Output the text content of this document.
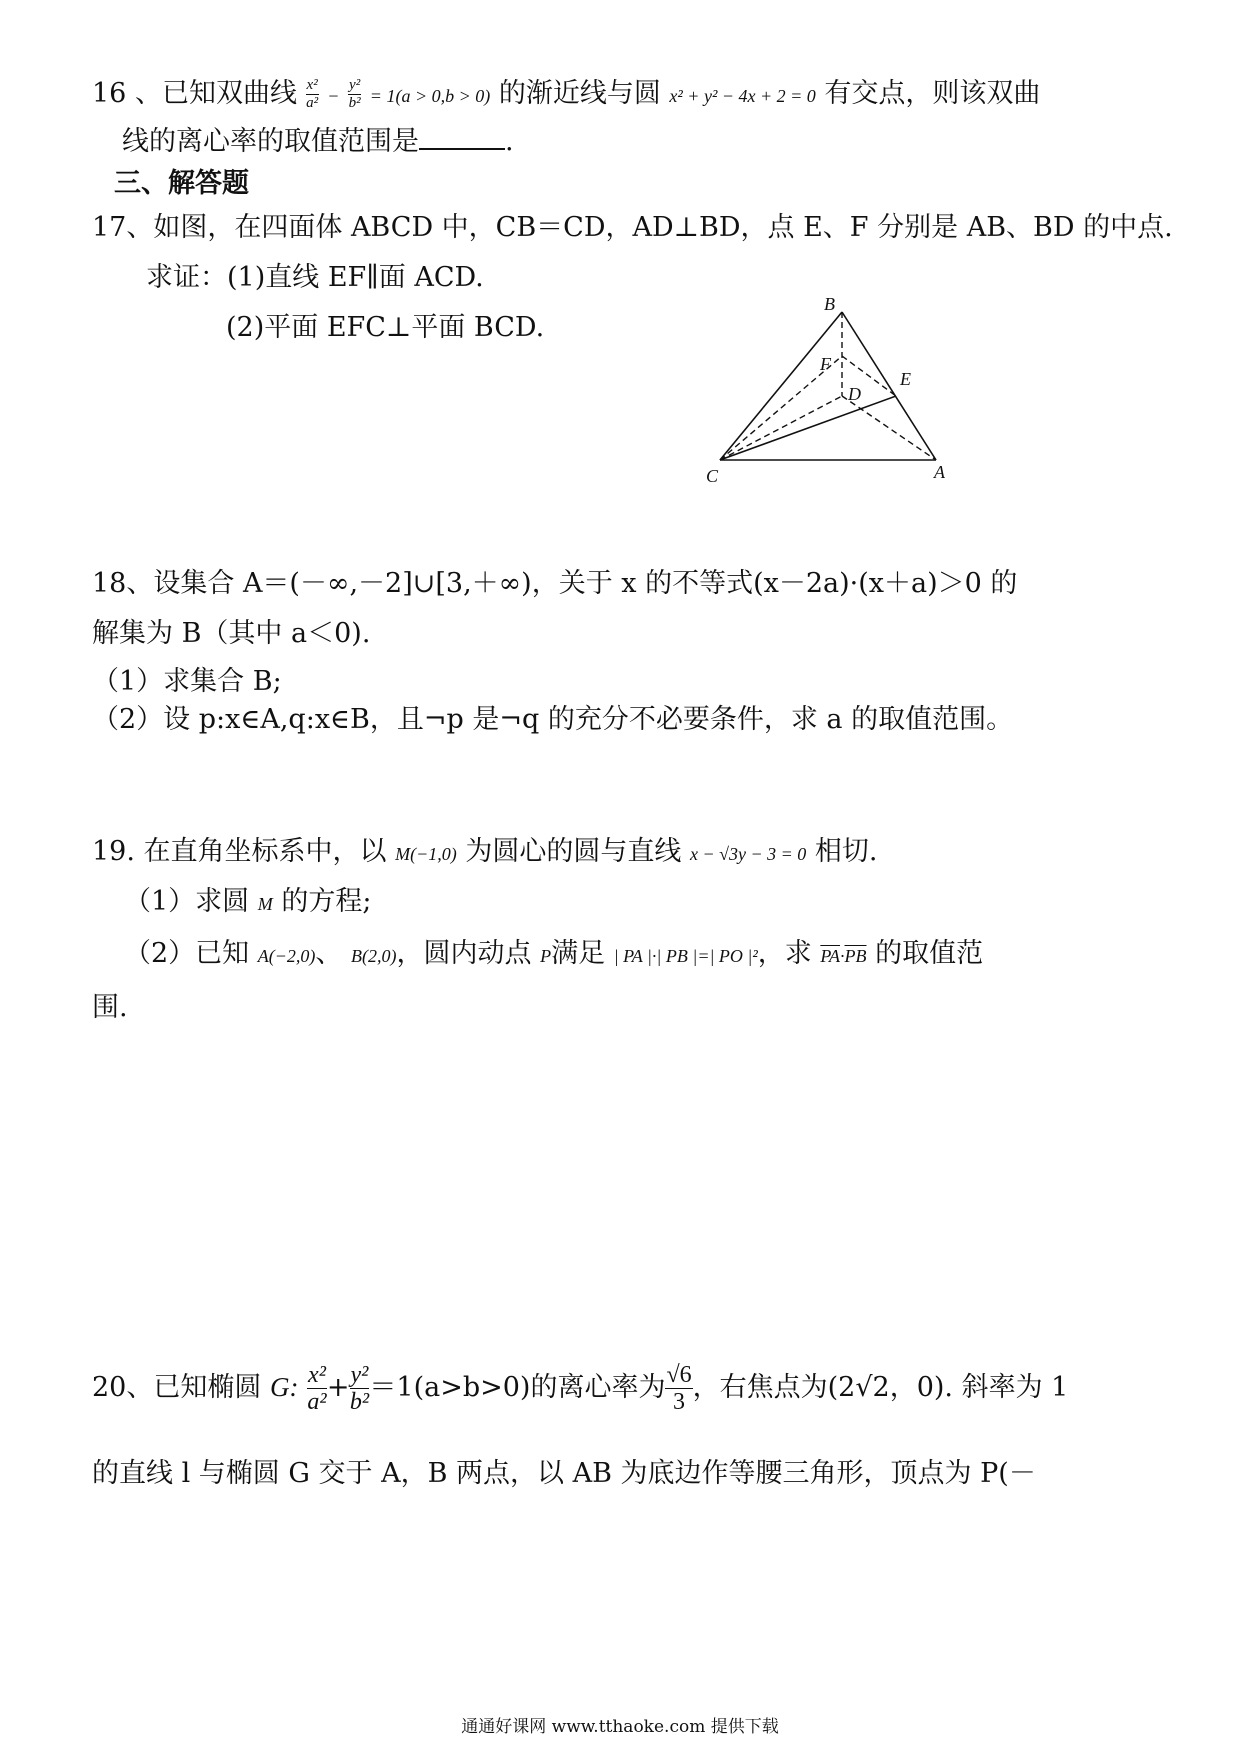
16 、已知双曲线 $\frac{\text{x²}}{\text{a²}} - \frac{\text{y²}}{\text{b²}} = 1(a > 0,b > 0)$ 的渐近线与圆 x² + y² − 4x + 2 = 0 有交点，则该双曲
线的离心率的取值范围是	.
三、解答题
17、如图，在四面体 ABCD 中，CB＝CD，AD⊥BD，点 E、F 分别是 AB、BD 的中点.
求证：(1)直线 EF∥面 ACD.
(2)平面 EFC⊥平面 BCD.
B
F
E
D
C	A
18、设集合 A＝(－∞,－2]∪[3,＋∞)，关于 x 的不等式(x－2a)·(x＋a)＞0 的
解集为 B（其中 a＜0).
（1）求集合 B;
（2）设 p:x∈A,q:x∈B，且¬p 是¬q 的充分不必要条件，求 a 的取值范围。
19. 在直角坐标系中，以 M(−1,0) 为圆心的圆与直线 x − √3y − 3 = 0 相切.
（1）求圆 M 的方程;
（2）已知 A(−2,0)、 B(2,0)，圆内动点 P满足 | PA |·| PB |=| PO |²，求 $\overline{PA}\cdot\overline{PB}$ 的取值范
围.
20、已知椭圆 G: $\frac{\text{x²}}{\text{a²}} + \frac{\text{y²}}{\text{b²}} =1(a>b>0)$的离心率为 $\frac{√6}{3}$ ，右焦点为(2√2，0). 斜率为 1
的直线 l 与椭圆 G 交于 A，B 两点，以 AB 为底边作等腰三角形，顶点为 P(－
通通好课网 www.tthaoke.com 提供下载
